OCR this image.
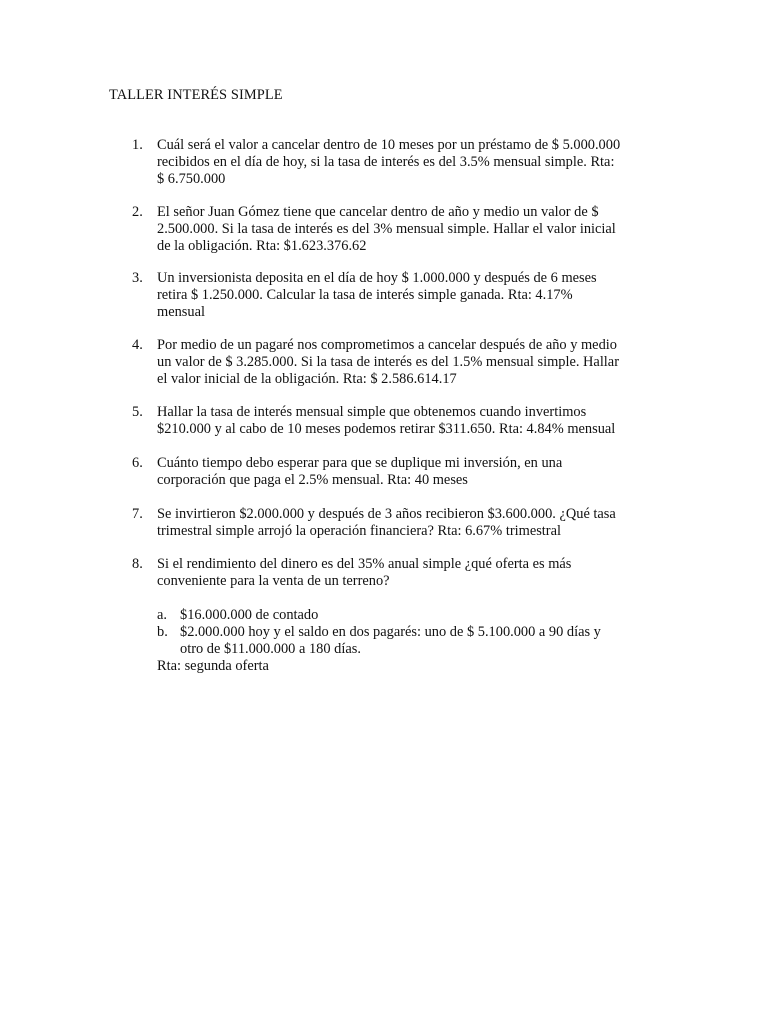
TALLER INTERÉS SIMPLE
1. Cuál será el valor a cancelar dentro de 10 meses por un préstamo de $ 5.000.000
recibidos en el día de hoy, si la tasa de interés es del 3.5% mensual simple. Rta:
$ 6.750.000

2. El señor Juan Gómez tiene que cancelar dentro de año y medio un valor de $
2.500.000. Si la tasa de interés es del 3% mensual simple. Hallar el valor inicial
de la obligación. Rta: $1.623.376.62

3. Un inversionista deposita en el día de hoy $ 1.000.000 y después de 6 meses
retira $ 1.250.000. Calcular la tasa de interés simple ganada. Rta: 4.17%
mensual

4. Por medio de un pagaré nos comprometimos a cancelar después de año y medio
un valor de $ 3.285.000. Si la tasa de interés es del 1.5% mensual simple. Hallar
el valor inicial de la obligación. Rta: $ 2.586.614.17

5. Hallar la tasa de interés mensual simple que obtenemos cuando invertimos
$210.000 y al cabo de 10 meses podemos retirar $311.650. Rta: 4.84% mensual

6. Cuánto tiempo debo esperar para que se duplique mi inversión, en una
corporación que paga el 2.5% mensual. Rta: 40 meses

7. Se invirtieron $2.000.000 y después de 3 años recibieron $3.600.000. ¿Qué tasa
trimestral simple arrojó la operación financiera? Rta: 6.67% trimestral

8. Si el rendimiento del dinero es del 35% anual simple ¿qué oferta es más
conveniente para la venta de un terreno?

a. $16.000.000 de contado
b. $2.000.000 hoy y el saldo en dos pagarés: uno de $ 5.100.000 a 90 días y
otro de $11.000.000 a 180 días.
Rta: segunda oferta
